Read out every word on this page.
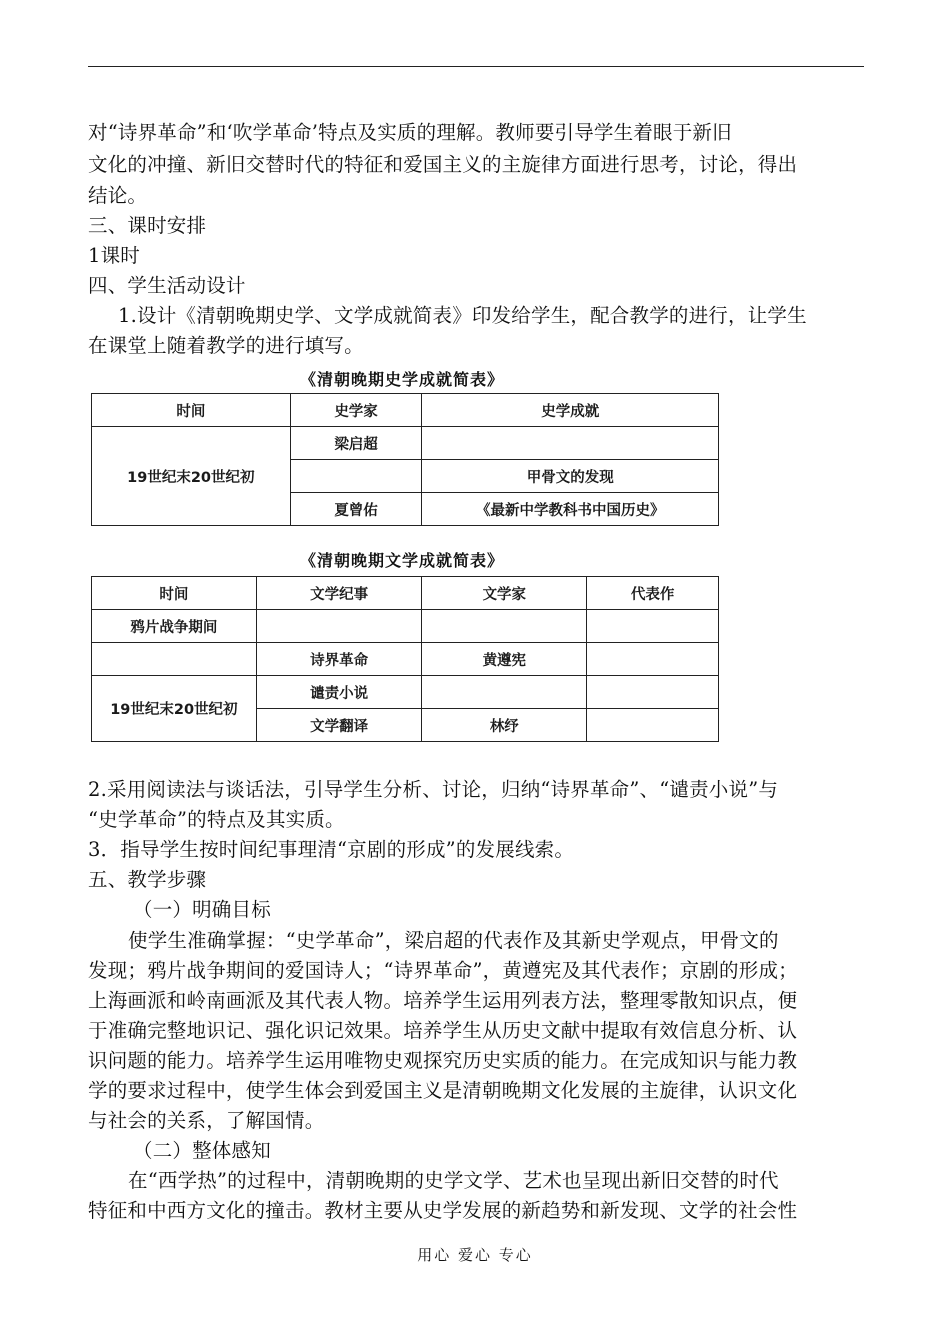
对“诗界革命”和‘吹学革命’特点及实质的理解。教师要引导学生着眼于新旧
文化的冲撞、新旧交替时代的特征和爱国主义的主旋律方面进行思考，讨论，得出
结论。
三、课时安排
1课时
四、学生活动设计
1.设计《清朝晚期史学、文学成就简表》印发给学生，配合教学的进行，让学生
在课堂上随着教学的进行填写。
《清朝晚期史学成就简表》
时间	史学家	史学成就
19世纪末20世纪初	梁启超	
		甲骨文的发现
	夏曾佑	《最新中学教科书中国历史》
《清朝晚期文学成就简表》
时间	文学纪事	文学家	代表作
鸦片战争期间			
	诗界革命	黄遵宪	
19世纪末20世纪初	谴责小说		
	文学翻译	林纾	
2.采用阅读法与谈话法，引导学生分析、讨论，归纳“诗界革命”、“谴责小说”与
“史学革命”的特点及其实质。
3．指导学生按时间纪事理清“京剧的形成”的发展线索。
五、教学步骤
（一）明确目标
使学生准确掌握：“史学革命”，梁启超的代表作及其新史学观点，甲骨文的
发现；鸦片战争期间的爱国诗人；“诗界革命”，黄遵宪及其代表作；京剧的形成；
上海画派和岭南画派及其代表人物。培养学生运用列表方法，整理零散知识点，便
于准确完整地识记、强化识记效果。培养学生从历史文献中提取有效信息分析、认
识问题的能力。培养学生运用唯物史观探究历史实质的能力。在完成知识与能力教
学的要求过程中，使学生体会到爱国主义是清朝晚期文化发展的主旋律，认识文化
与社会的关系，了解国情。
（二）整体感知
在“西学热”的过程中，清朝晚期的史学文学、艺术也呈现出新旧交替的时代
特征和中西方文化的撞击。教材主要从史学发展的新趋势和新发现、文学的社会性
用心 爱心 专心
